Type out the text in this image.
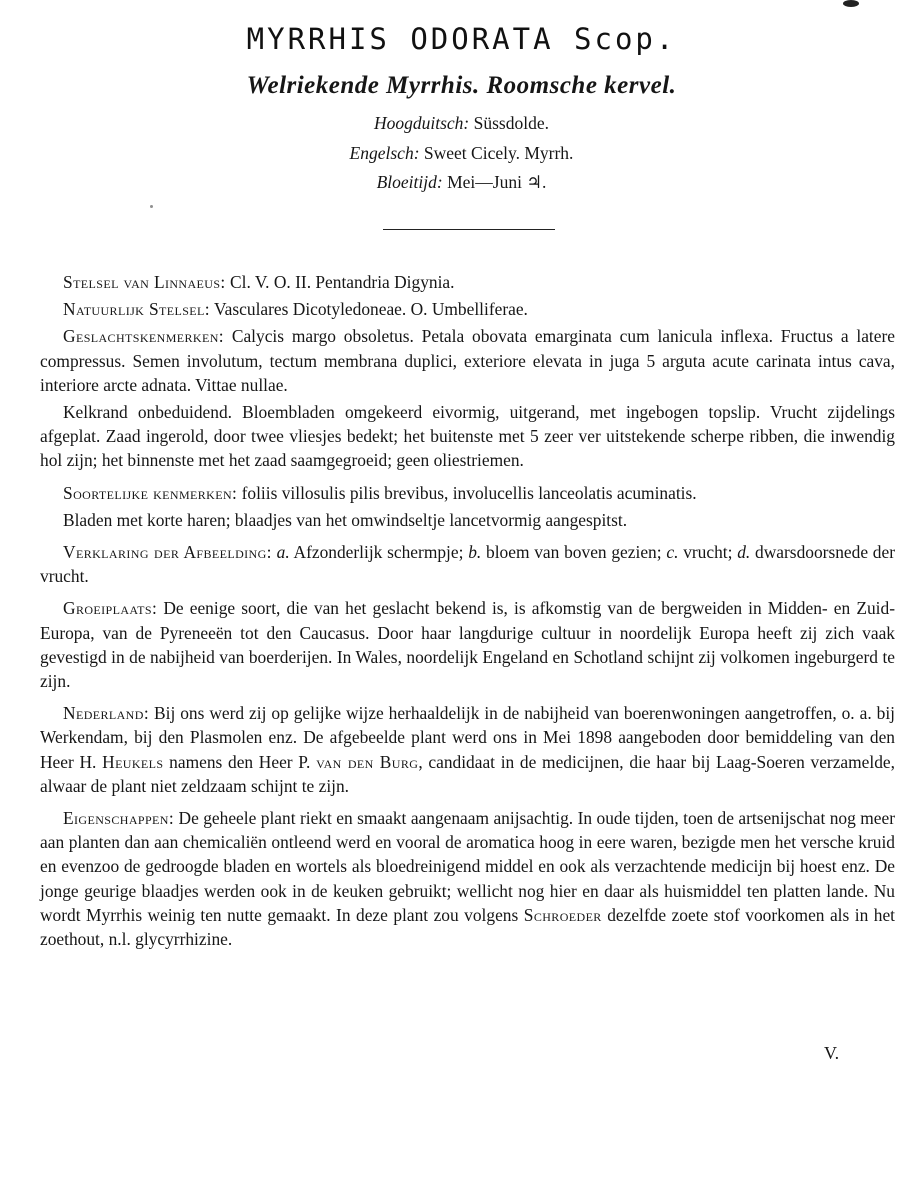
MYRRHIS ODORATA Scop.
Welriekende Myrrhis. Roomsche kervel.
Hoogduitsch: Süssdolde.
Engelsch: Sweet Cicely. Myrrh.
Bloeitijd: Mei—Juni ♃.

Stelsel van Linnaeus: Cl. V. O. II. Pentandria Digynia.

Natuurlijk Stelsel: Vasculares Dicotyledoneae. O. Umbelliferae.

Geslachtskenmerken: Calycis margo obsoletus. Petala obovata emarginata cum lanicula inflexa. Fructus a latere compressus. Semen involutum, tectum membrana duplici, exteriore elevata in juga 5 arguta acute carinata intus cava, interiore arcte adnata. Vittae nullae.

Kelkrand onbeduidend. Bloembladen omgekeerd eivormig, uitgerand, met ingebogen topslip. Vrucht zijdelings afgeplat. Zaad ingerold, door twee vliesjes bedekt; het buitenste met 5 zeer ver uitstekende scherpe ribben, die inwendig hol zijn; het binnenste met het zaad saamgegroeid; geen oliestriemen.

Soortelijke kenmerken: foliis villosulis pilis brevibus, involucellis lanceolatis acuminatis.

Bladen met korte haren; blaadjes van het omwindseltje lancetvormig aangespitst.

Verklaring der Afbeelding: a. Afzonderlijk schermpje; b. bloem van boven gezien; c. vrucht; d. dwarsdoorsnede der vrucht.

Groeiplaats: De eenige soort, die van het geslacht bekend is, is afkomstig van de bergweiden in Midden- en Zuid-Europa, van de Pyreneeën tot den Caucasus. Door haar langdurige cultuur in noordelijk Europa heeft zij zich vaak gevestigd in de nabijheid van boerderijen. In Wales, noordelijk Engeland en Schotland schijnt zij volkomen ingeburgerd te zijn.

Nederland: Bij ons werd zij op gelijke wijze herhaaldelijk in de nabijheid van boerenwoningen aangetroffen, o. a. bij Werkendam, bij den Plasmolen enz. De afgebeelde plant werd ons in Mei 1898 aangeboden door bemiddeling van den Heer H. Heukels namens den Heer P. van den Burg, candidaat in de medicijnen, die haar bij Laag-Soeren verzamelde, alwaar de plant niet zeldzaam schijnt te zijn.

Eigenschappen: De geheele plant riekt en smaakt aangenaam anijsachtig. In oude tijden, toen de artsenijschat nog meer aan planten dan aan chemicaliën ontleend werd en vooral de aromatica hoog in eere waren, bezigde men het versche kruid en evenzoo de gedroogde bladen en wortels als bloedreinigend middel en ook als verzachtende medicijn bij hoest enz. De jonge geurige blaadjes werden ook in de keuken gebruikt; wellicht nog hier en daar als huismiddel ten platten lande. Nu wordt Myrrhis weinig ten nutte gemaakt. In deze plant zou volgens Schroeder dezelfde zoete stof voorkomen als in het zoethout, n.l. glycyrrhizine.

V.
